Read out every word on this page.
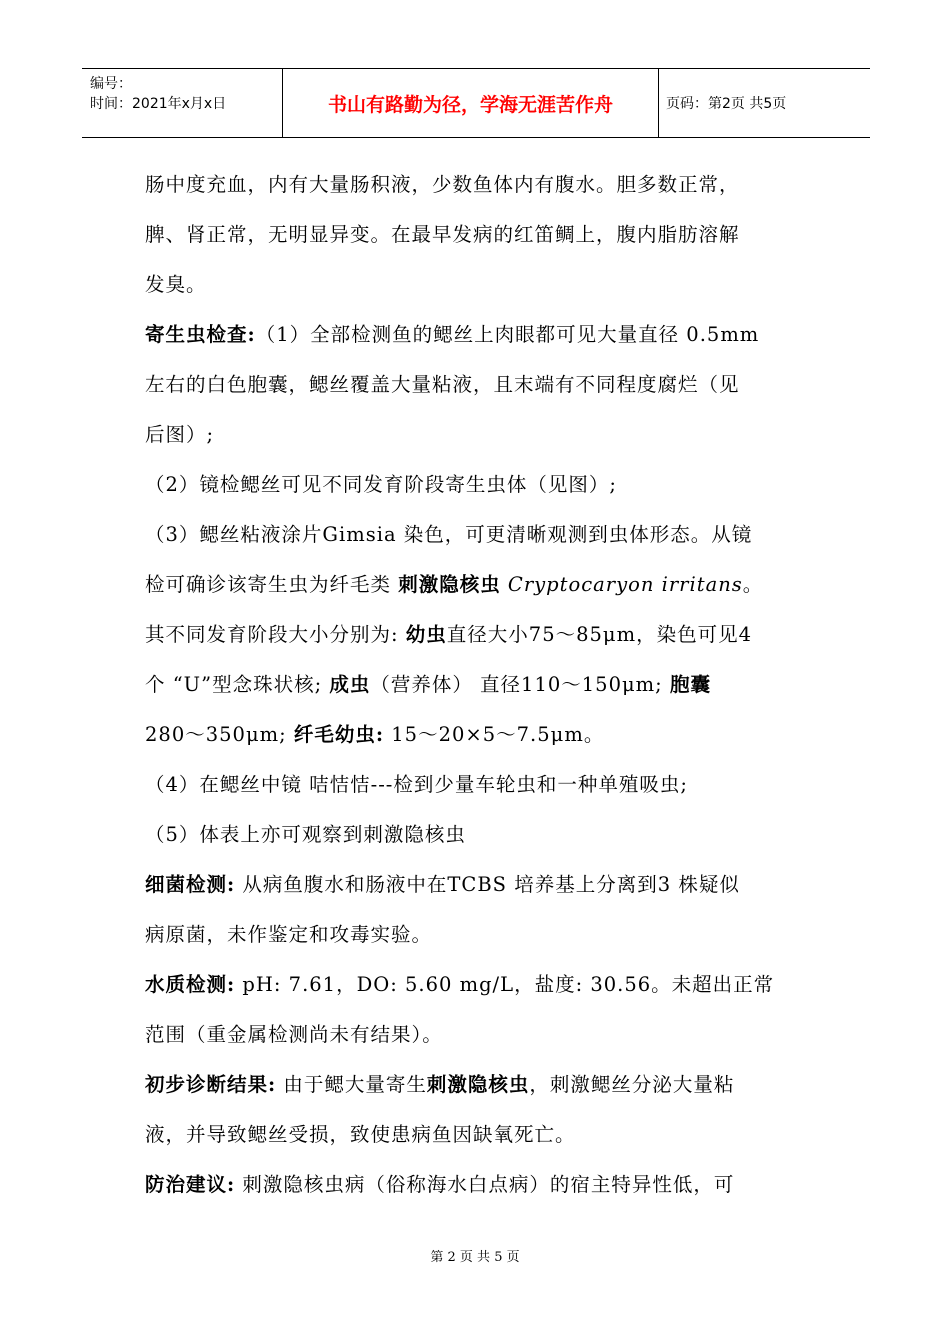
编号：
时间：2021年x月x日	书山有路勤为径，学海无涯苦作舟	页码：第2页 共5页
肠中度充血，内有大量肠积液，少数鱼体内有腹水。胆多数正常，
脾、肾正常，无明显异变。在最早发病的红笛鲷上，腹内脂肪溶解
发臭。
寄生虫检查:（1）全部检测鱼的鳃丝上肉眼都可见大量直径 0.5mm
左右的白色胞囊，鳃丝覆盖大量粘液，且末端有不同程度腐烂（见
后图）;
（2）镜检鳃丝可见不同发育阶段寄生虫体（见图）;
（3）鳃丝粘液涂片Gimsia 染色，可更清晰观测到虫体形态。从镜
检可确诊该寄生虫为纤毛类 刺激隐核虫 Cryptocaryon irritans。
其不同发育阶段大小分别为: 幼虫直径大小75～85μm，染色可见4
个 “U”型念珠状核; 成虫（营养体） 直径110～150μm; 胞囊
280～350μm; 纤毛幼虫: 15～20×5～7.5μm。
（4）在鳃丝中镜 咭恄恄---检到少量车轮虫和一种单殖吸虫;
（5）体表上亦可观察到刺激隐核虫
细菌检测: 从病鱼腹水和肠液中在TCBS 培养基上分离到3 株疑似
病原菌，未作鉴定和攻毒实验。
水质检测: pH: 7.61，DO: 5.60 mg/L，盐度: 30.56。未超出正常
范围（重金属检测尚未有结果）。
初步诊断结果: 由于鳃大量寄生刺激隐核虫，刺激鳃丝分泌大量粘
液，并导致鳃丝受损，致使患病鱼因缺氧死亡。
防治建议: 刺激隐核虫病（俗称海水白点病）的宿主特异性低，可
第 2 页 共 5 页
